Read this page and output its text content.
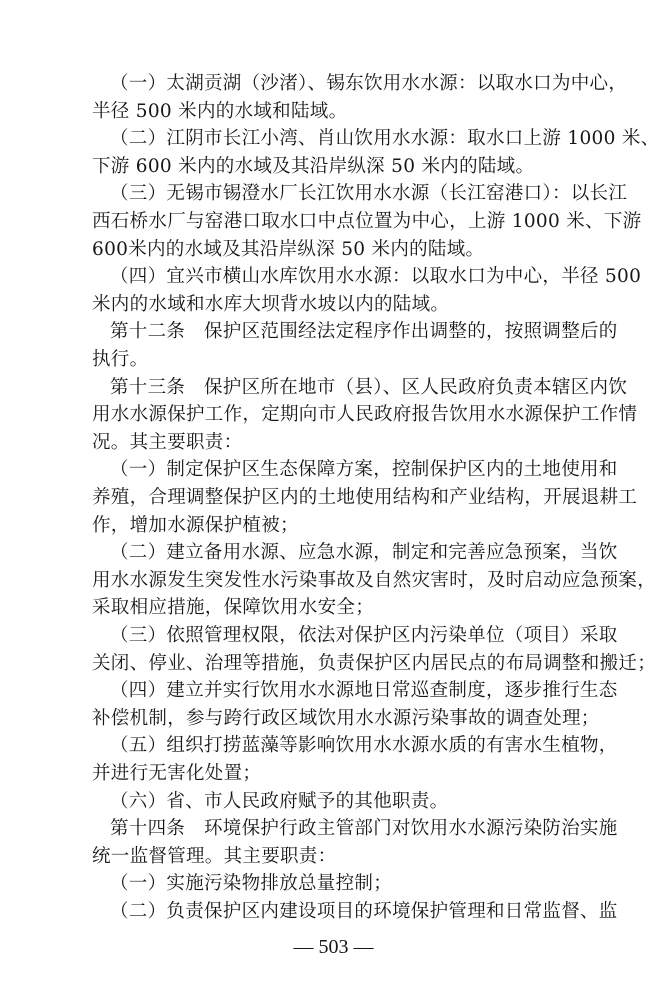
（一）太湖贡湖（沙渚）、锡东饮用水水源：以取水口为中心，
半径 500 米内的水域和陆域。
（二）江阴市长江小湾、肖山饮用水水源：取水口上游 1000 米、
下游 600 米内的水域及其沿岸纵深 50 米内的陆域。
（三）无锡市锡澄水厂长江饮用水水源（长江窑港口）：以长江
西石桥水厂与窑港口取水口中点位置为中心，上游 1000 米、下游
600米内的水域及其沿岸纵深 50 米内的陆域。
（四）宜兴市横山水库饮用水水源：以取水口为中心，半径 500
米内的水域和水库大坝背水坡以内的陆域。
第十二条　保护区范围经法定程序作出调整的，按照调整后的
执行。
第十三条　保护区所在地市（县）、区人民政府负责本辖区内饮
用水水源保护工作，定期向市人民政府报告饮用水水源保护工作情
况。其主要职责：
（一）制定保护区生态保障方案，控制保护区内的土地使用和
养殖，合理调整保护区内的土地使用结构和产业结构，开展退耕工
作，增加水源保护植被；
（二）建立备用水源、应急水源，制定和完善应急预案，当饮
用水水源发生突发性水污染事故及自然灾害时，及时启动应急预案，
采取相应措施，保障饮用水安全；
（三）依照管理权限，依法对保护区内污染单位（项目）采取
关闭、停业、治理等措施，负责保护区内居民点的布局调整和搬迁；
（四）建立并实行饮用水水源地日常巡查制度，逐步推行生态
补偿机制，参与跨行政区域饮用水水源污染事故的调查处理；
（五）组织打捞蓝藻等影响饮用水水源水质的有害水生植物，
并进行无害化处置；
（六）省、市人民政府赋予的其他职责。
第十四条　环境保护行政主管部门对饮用水水源污染防治实施
统一监督管理。其主要职责：
（一）实施污染物排放总量控制；
（二）负责保护区内建设项目的环境保护管理和日常监督、监
— 503 —
